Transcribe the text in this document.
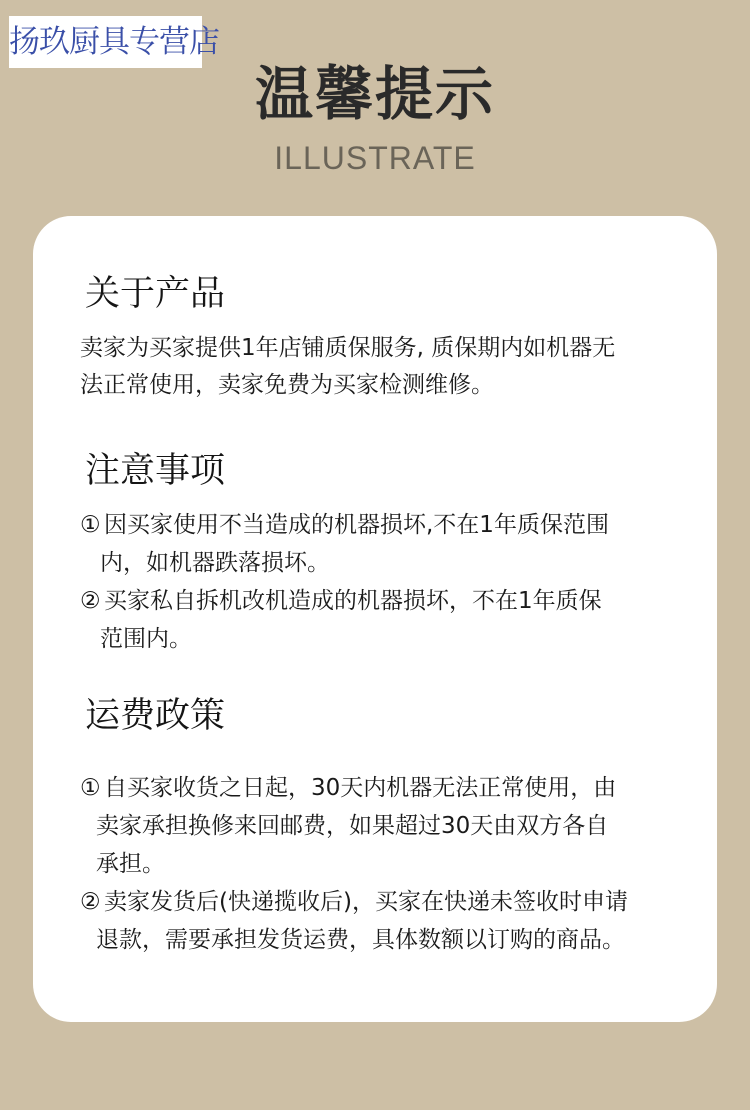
扬玖厨具专营店
温馨提示
ILLUSTRATE
关于产品
卖家为买家提供1年店铺质保服务, 质保期内如机器无
法正常使用，卖家免费为买家检测维修。
注意事项
① 因买家使用不当造成的机器损坏,不在1年质保范围
内，如机器跌落损坏。
② 买家私自拆机改机造成的机器损坏，不在1年质保
范围内。
运费政策
① 自买家收货之日起，30天内机器无法正常使用，由
卖家承担换修来回邮费，如果超过30天由双方各自
承担。
② 卖家发货后(快递揽收后)，买家在快递未签收时申请
退款，需要承担发货运费，具体数额以订购的商品。
